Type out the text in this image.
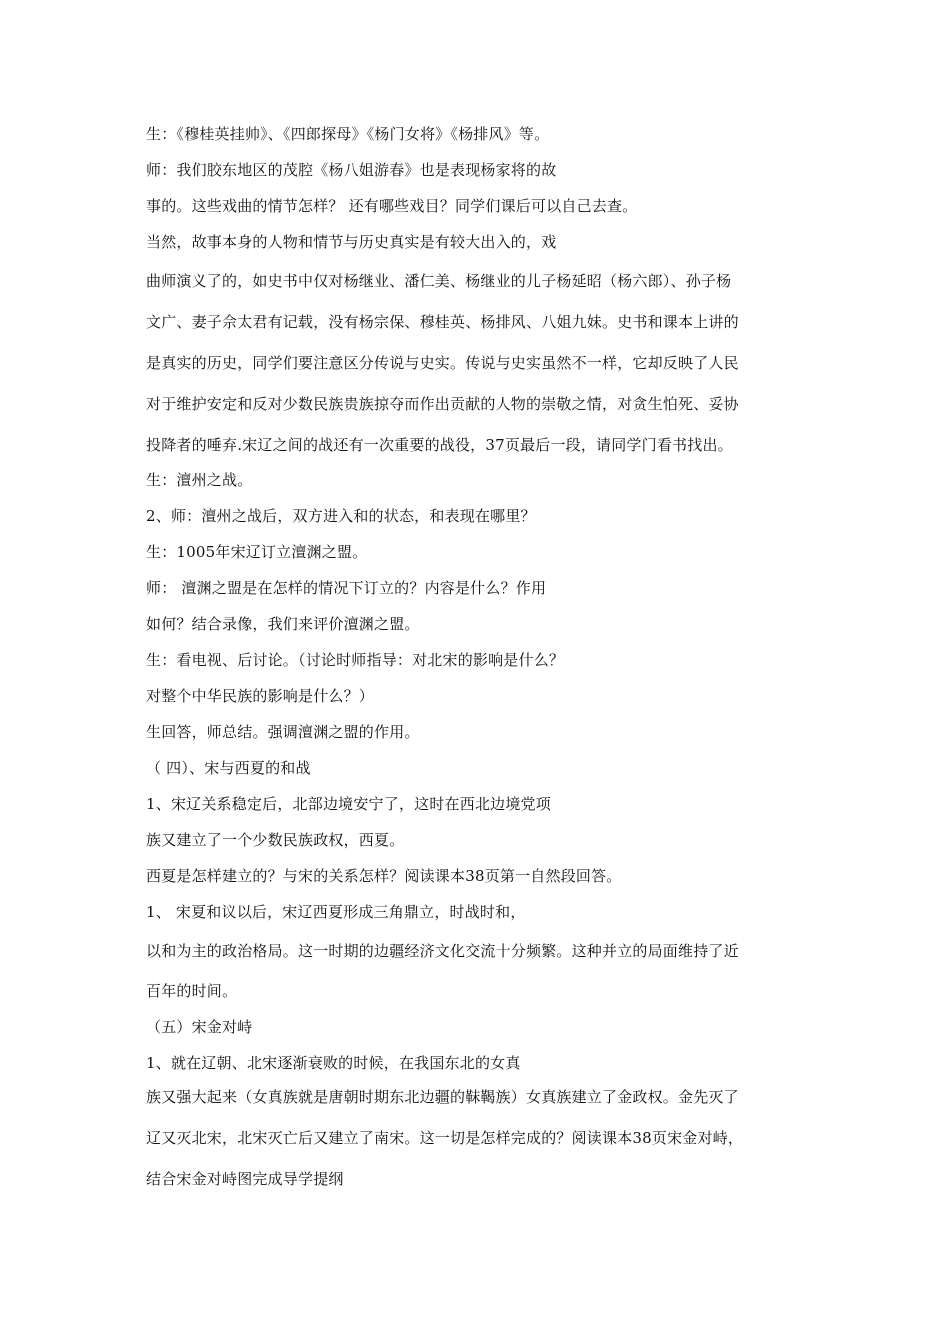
生：《穆桂英挂帅》、《四郎探母》《杨门女将》《杨排风》等。

师：我们胶东地区的茂腔《杨八姐游春》也是表现杨家将的故

事的。这些戏曲的情节怎样？ 还有哪些戏目？同学们课后可以自己去查。

当然，故事本身的人物和情节与历史真实是有较大出入的，戏

曲师演义了的，如史书中仅对杨继业、潘仁美、杨继业的儿子杨延昭（杨六郎）、孙子杨

文广、妻子佘太君有记载，没有杨宗保、穆桂英、杨排风、八姐九妹。史书和课本上讲的

是真实的历史，同学们要注意区分传说与史实。传说与史实虽然不一样，它却反映了人民

对于维护安定和反对少数民族贵族掠夺而作出贡献的人物的崇敬之情，对贪生怕死、妥协

投降者的唾弃.宋辽之间的战还有一次重要的战役，37页最后一段，请同学门看书找出。

生：澶州之战。

2、师：澶州之战后，双方进入和的状态，和表现在哪里？

生：1005年宋辽订立澶渊之盟。

师： 澶渊之盟是在怎样的情况下订立的？内容是什么？作用

如何？结合录像，我们来评价澶渊之盟。

生：看电视、后讨论。（讨论时师指导：对北宋的影响是什么？

对整个中华民族的影响是什么？）

生回答，师总结。强调澶渊之盟的作用。

（ 四）、宋与西夏的和战

1、宋辽关系稳定后，北部边境安宁了，这时在西北边境党项

族又建立了一个少数民族政权，西夏。

西夏是怎样建立的？与宋的关系怎样？阅读课本38页第一自然段回答。

1、 宋夏和议以后，宋辽西夏形成三角鼎立，时战时和，

以和为主的政治格局。这一时期的边疆经济文化交流十分频繁。这种并立的局面维持了近

百年的时间。

（五）宋金对峙

1、就在辽朝、北宋逐渐衰败的时候，在我国东北的女真

族又强大起来（女真族就是唐朝时期东北边疆的靺鞨族）女真族建立了金政权。金先灭了

辽又灭北宋，北宋灭亡后又建立了南宋。这一切是怎样完成的？阅读课本38页宋金对峙，

结合宋金对峙图完成导学提纲
